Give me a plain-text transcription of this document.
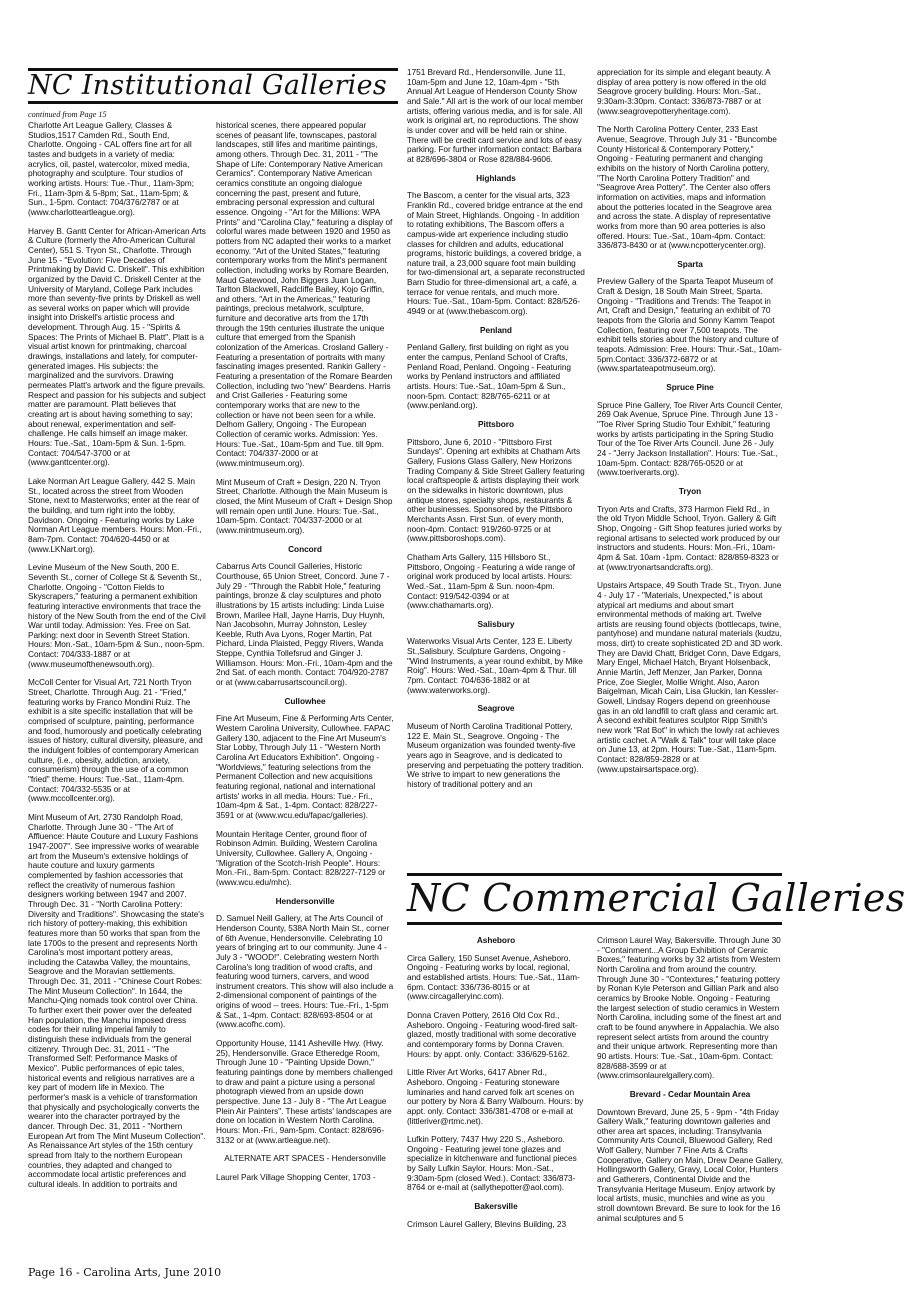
NC Institutional Galleries
continued from Page 15

Charlotte Art League Gallery, Classes & Studios,1517 Camden Rd., South End, Charlotte. Ongoing - CAL offers fine art for all tastes and budgets in a variety of media: acrylics, oil, pastel, watercolor, mixed media, photography and sculpture. Tour studios of working artists. Hours: Tue.-Thur., 11am-3pm; Fri., 11am-3pm & 5-8pm; Sat., 11am-5pm; & Sun., 1-5pm. Contact: 704/376/2787 or at (www.charlotteartleague.org).

Harvey B. Gantt Center for African-American Arts & Culture (formerly the Afro-American Cultural Center), 551 S. Tryon St., Charlotte. Through June 15 - "Evolution: Five Decades of Printmaking by David C. Driskell". This exhibition organized by the David C. Driskell Center at the University of Maryland, College Park includes more than seventy-five prints by Driskell as well as several works on paper which will provide insight into Driskell's artistic process and development. Through Aug. 15 - "Spirits & Spaces: The Prints of Michael B. Platt". Platt is a visual artist known for printmaking, charcoal drawings, installations and lately, for computer-generated images. His subjects: the marginalized and the survivors. Drawing permeates Platt's artwork and the figure prevails. Respect and passion for his subjects and subject matter are paramount. Platt believes that creating art is about having something to say; about renewal, experimentation and self-challenge. He calls himself an image maker. Hours: Tue.-Sat., 10am-5pm & Sun. 1-5pm. Contact: 704/547-3700 or at (www.ganttcenter.org).

Lake Norman Art League Gallery, 442 S. Main St., located across the street from Wooden Stone, next to Masterworks; enter at the rear of the building, and turn right into the lobby, Davidson. Ongoing - Featuring works by Lake Norman Art League members. Hours: Mon.-Fri., 8am-7pm. Contact: 704/620-4450 or at (www.LKNart.org).

Levine Museum of the New South, 200 E. Seventh St., corner of College St & Seventh St., Charlotte. Ongoing - "Cotton Fields to Skyscrapers," featuring a permanent exhibition featuring interactive environments that trace the history of the New South from the end of the Civil War until today. Admission: Yes. Free on Sat. Parking: next door in Seventh Street Station. Hours: Mon.-Sat., 10am-5pm & Sun., noon-5pm. Contact: 704/333-1887 or at (www.museumofthenewsouth.org).

McColl Center for Visual Art, 721 North Tryon Street, Charlotte. Through Aug. 21 - "Fried," featuring works by Franco Mondini Ruiz. The exhibit is a site specific installation that will be comprised of sculpture, painting, performance and food, humorously and poetically celebrating issues of history, cultural diversity, pleasure, and the indulgent foibles of contemporary American culture, (i.e., obesity, addiction, anxiety, consumerism) through the use of a common "fried" theme. Hours: Tue.-Sat., 11am-4pm. Contact: 704/332-5535 or at (www.mccollcenter.org).

Mint Museum of Art, 2730 Randolph Road, Charlotte. Through June 30 - "The Art of Affluence: Haute Couture and Luxury Fashions 1947-2007". See impressive works of wearable art from the Museum's extensive holdings of haute couture and luxury garments complemented by fashion accessories that reflect the creativity of numerous fashion designers working between 1947 and 2007. Through Dec. 31 - "North Carolina Pottery: Diversity and Traditions". Showcasing the state's rich history of pottery-making, this exhibition features more than 50 works that span from the late 1700s to the present and represents North Carolina's most important pottery areas, including the Catawba Valley, the mountains, Seagrove and the Moravian settlements. Through Dec. 31, 2011 - "Chinese Court Robes: The Mint Museum Collection". In 1644, the Manchu-Qing nomads took control over China. To further exert their power over the defeated Han population, the Manchu imposed dress codes for their ruling imperial family to distinguish these individuals from the general citizenry. Through Dec. 31, 2011 - "The Transformed Self: Performance Masks of Mexico". Public performances of epic tales, historical events and religious narratives are a key part of modern life in Mexico. The performer's mask is a vehicle of transformation that physically and psychologically converts the wearer into the character portrayed by the dancer. Through Dec. 31, 2011 - "Northern European Art from The Mint Museum Collection". As Renaissance Art styles of the 15th century spread from Italy to the northern European countries, they adapted and changed to accommodate local artistic preferences and cultural ideals. In addition to portraits and

historical scenes, there appeared popular scenes of peasant life, townscapes, pastoral landscapes, still lifes and maritime paintings, among others. Through Dec. 31, 2011 - "The Shape of Life: Contemporary Native American Ceramics". Contemporary Native American ceramics constitute an ongoing dialogue concerning the past, present and future, embracing personal expression and cultural essence. Ongoing - "Art for the Millions: WPA Prints" and "Carolina Clay," featuring a display of colorful wares made between 1920 and 1950 as potters from NC adapted their works to a market economy. "Art of the United States," featuring contemporary works from the Mint's permanent collection, including works by Romare Bearden, Maud Gatewood, John Biggers Juan Logan, Tarlton Blackwell, Radcliffe Bailey, Kojo Griffin, and others. "Art in the Americas," featuring paintings, precious metalwork, sculpture, furniture and decorative arts from the 17th through the 19th centuries illustrate the unique culture that emerged from the Spanish colonization of the Americas. Crosland Gallery - Featuring a presentation of portraits with many fascinating images presented. Rankin Gallery - Featuring a presentation of the Romare Bearden Collection, including two "new" Beardens. Harris and Crist Galleries - Featuring some contemporary works that are new to the collection or have not been seen for a while. Delhom Gallery, Ongoing - The European Collection of ceramic works. Admission: Yes. Hours: Tue.-Sat., 10am-5pm and Tue. till 9pm. Contact: 704/337-2000 or at (www.mintmuseum.org).

Mint Museum of Craft + Design, 220 N. Tryon Street, Charlotte. Although the Main Museum is closed, the Mint Museum of Craft + Design Shop will remain open until June. Hours: Tue.-Sat., 10am-5pm. Contact: 704/337-2000 or at (www.mintmuseum.org).

Concord

Cabarrus Arts Council Galleries, Historic Courthouse, 65 Union Street, Concord. June 7 - July 29 - "Through the Rabbit Hole," featuring paintings, bronze & clay sculptures and photo illustrations by 15 artists including: Linda Luise Brown, Marilee Hall, Jayne Harris, Duy Huynh, Nan Jacobsohn, Murray Johnston, Lesley Keeble, Ruth Ava Lyons, Roger Martin, Pat Pichard, Linda Plaisted, Peggy Rivers, Wanda Steppe, Cynthia Tollefsrud and Ginger J. Williamson. Hours: Mon.-Fri., 10am-4pm and the 2nd Sat. of each month. Contact: 704/920-2787 or at (www.cabarrusartscouncil.org).

Cullowhee

Fine Art Museum, Fine & Performing Arts Center, Western Carolina University, Cullowhee. FAPAC Gallery 130, adjacent to the Fine Art Museum's Star Lobby, Through July 11 - "Western North Carolina Art Educators Exhibition". Ongoing - "Worldviews," featuring selections from the Permanent Collection and new acquisitions featuring regional, national and international artists' works in all media. Hours: Tue.- Fri., 10am-4pm & Sat., 1-4pm. Contact: 828/227-3591 or at (www.wcu.edu/fapac/galleries).

Mountain Heritage Center, ground floor of Robinson Admin. Building, Western Carolina University, Cullowhee. Gallery A, Ongoing - "Migration of the Scotch-Irish People". Hours: Mon.-Fri., 8am-5pm. Contact: 828/227-7129 or (www.wcu.edu/mhc).

Hendersonville

D. Samuel Neill Gallery, at The Arts Council of Henderson County, 538A North Main St., corner of 6th Avenue, Hendersonville. Celebrating 10 years of bringing art to our community. June 4 - July 3 - "WOOD!". Celebrating western North Carolina's long tradition of wood crafts, and featuring wood turners, carvers, and wood instrument creators. This show will also include a 2-dimensional component of paintings of the origins of wood -- trees. Hours: Tue.-Fri., 1-5pm & Sat., 1-4pm. Contact: 828/693-8504 or at (www.acofhc.com).

Opportunity House, 1141 Asheville Hwy. (Hwy. 25), Hendersonville. Grace Etheredge Room, Through June 10 - "Painting Upside Down," featuring paintings done by members challenged to draw and paint a picture using a personal photograph viewed from an upside down perspective. June 13 - July 8 - "The Art League Plein Air Painters". These artists' landscapes are done on location in Western North Carolina. Hours: Mon.-Fri., 9am-5pm. Contact: 828/696-3132 or at (www.artleague.net).

ALTERNATE ART SPACES - Hendersonville

Laurel Park Village Shopping Center, 1703 -

1751 Brevard Rd., Hendersonville. June 11, 10am-5pm and June 12, 10am-4pm - "5th Annual Art League of Henderson County Show and Sale." All art is the work of our local member artists, offering various media, and is for sale. All work is original art, no reproductions. The show is under cover and will be held rain or shine. There will be credit card service and lots of easy parking. For further information contact: Barbara at 828/696-3804 or Rose 828/884-9606.

Highlands

The Bascom, a center for the visual arts, 323 Franklin Rd., covered bridge entrance at the end of Main Street, Highlands. Ongoing - In addition to rotating exhibitions, The Bascom offers a campus-wide art experience including studio classes for children and adults, educational programs, historic buildings, a covered bridge, a nature trail, a 23,000 square foot main building for two-dimensional art, a separate reconstructed Barn Studio for three-dimensional art, a café, a terrace for venue rentals, and much more. Hours: Tue.-Sat., 10am-5pm. Contact: 828/526-4949 or at (www.thebascom.org).

Penland

Penland Gallery, first building on right as you enter the campus, Penland School of Crafts, Penland Road, Penland. Ongoing - Featuring works by Penland instructors and affiliated artists. Hours: Tue.-Sat., 10am-5pm & Sun., noon-5pm. Contact: 828/765-6211 or at (www.penland.org).

Pittsboro

Pittsboro, June 6, 2010 - "Pittsboro First Sundays". Opening art exhibits at Chatham Arts Gallery, Fusions Glass Gallery, New Horizons Trading Company & Side Street Gallery featuring local craftspeople & artists displaying their work on the sidewalks in historic downtown, plus antique stores, specialty shops, restaurants & other businesses. Sponsored by the Pittsboro Merchants Assn. First Sun. of every month, noon-4pm. Contact: 919/260-9725 or at (www.pittsboroshops.com).

Chatham Arts Gallery, 115 Hillsboro St., Pittsboro, Ongoing - Featuring a wide range of original work produced by local artists. Hours: Wed.-Sat., 11am-5pm & Sun. noon-4pm. Contact: 919/542-0394 or at (www.chathamarts.org).

Salisbury

Waterworks Visual Arts Center, 123 E. Liberty St.,Salisbury. Sculpture Gardens, Ongoing - "Wind Instruments, a year round exhibit, by Mike Roig". Hours: Wed.-Sat., 10am-4pm & Thur. till 7pm. Contact: 704/636-1882 or at (www.waterworks.org).

Seagrove

Museum of North Carolina Traditional Pottery, 122 E. Main St., Seagrove. Ongoing - The Museum organization was founded twenty-five years ago in Seagrove, and is dedicated to preserving and perpetuating the pottery tradition. We strive to impart to new generations the history of traditional pottery and an

appreciation for its simple and elegant beauty. A display of area pottery is now offered in the old Seagrove grocery building. Hours: Mon.-Sat., 9:30am-3:30pm. Contact: 336/873-7887 or at (www.seagrovepotteryheritage.com).

The North Carolina Pottery Center, 233 East Avenue, Seagrove. Through July 31 - "Buncombe County Historical & Contemporary Pottery," Ongoing - Featuring permanent and changing exhibits on the history of North Carolina pottery, "The North Carolina Pottery Tradition" and "Seagrove Area Pottery". The Center also offers information on activities, maps and information about the potteries located in the Seagrove area and across the state. A display of representative works from more than 90 area potteries is also offered. Hours: Tue.-Sat., 10am-4pm. Contact: 336/873-8430 or at (www.ncpotterycenter.org).

Sparta

Preview Gallery of the Sparta Teapot Museum of Craft & Design, 18 South Main Street, Sparta. Ongoing - "Traditions and Trends: The Teapot in Art, Craft and Design," featuring an exhibit of 70 teapots from the Gloria and Sonny Kamm Teapot Collection, featuring over 7,500 teapots. The exhibit tells stories about the history and culture of teapots. Admission: Free. Hours: Thur.-Sat., 10am-5pm.Contact: 336/372-6872 or at (www.spartateapotmuseum.org).

Spruce Pine

Spruce Pine Gallery, Toe River Arts Council Center, 269 Oak Avenue, Spruce Pine. Through June 13 - "Toe River Spring Studio Tour Exhibit," featuring works by artists participating in the Spring Studio Tour of the Toe River Arts Council. June 26 - July 24 - "Jerry Jackson Installation". Hours: Tue.-Sat., 10am-5pm. Contact: 828/765-0520 or at (www.toeriverarts.org).

Tryon

Tryon Arts and Crafts, 373 Harmon Field Rd., in the old Tryon Middle School, Tryon. Gallery & Gift Shop, Ongoing - Gift Shop features juried works by regional artisans to selected work produced by our instructors and students. Hours: Mon.-Fri., 10am-4pm & Sat. 10am -1pm. Contact: 828/859-8323 or at (www.tryonartsandcrafts.org).

Upstairs Artspace, 49 South Trade St., Tryon. June 4 - July 17 - "Materials, Unexpected," is about atypical art mediums and about smart environmental methods of making art. Twelve artists are reusing found objects (bottlecaps, twine, pantyhose) and mundane natural materials (kudzu, moss, dirt) to create sophisticated 2D and 3D work. They are David Chatt, Bridget Conn, Dave Edgars, Mary Engel, Michael Hatch, Bryant Holsenback, Annie Martin, Jeff Menzer, Jan Parker, Donna Price, Zoe Siegler, Mollie Wright. Also, Aaron Baigelman, Micah Cain, Lisa Gluckin, Ian Kessler-Gowell, Lindsay Rogers depend on greenhouse gas in an old landfill to craft glass and ceramic art. A second exhibit features sculptor Ripp Smith's new work "Rat Bot" in which the lowly rat achieves artistic cachet. A "Walk & Talk" tour will take place on June 13, at 2pm. Hours: Tue.-Sat., 11am-5pm. Contact: 828/859-2828 or at (www.upstairsartspace.org).

NC Commercial Galleries

Asheboro

Circa Gallery, 150 Sunset Avenue, Asheboro. Ongoing - Featuring works by local, regional, and established artists. Hours: Tue.-Sat., 11am-6pm. Contact: 336/736-8015 or at (www.circagalleryinc.com).

Donna Craven Pottery, 2616 Old Cox Rd., Asheboro. Ongoing - Featuring wood-fired salt-glazed, mostly traditional with some decorative and contemporary forms by Donna Craven. Hours: by appt. only. Contact: 336/629-5162.

Little River Art Works, 6417 Abner Rd., Asheboro. Ongoing - Featuring stoneware luminaries and hand carved folk art scenes on our pottery by Nora & Barry Walbourn. Hours: by appt. only. Contact: 336/381-4708 or e-mail at (littleriver@rtmc.net).

Lufkin Pottery, 7437 Hwy 220 S., Asheboro. Ongoing - Featuring jewel tone glazes and specialize in kitchenware and functional pieces by Sally Lufkin Saylor. Hours: Mon.-Sat., 9:30am-5pm (closed Wed.). Contact: 336/873-8764 or e-mail at (sallythepotter@aol.com).

Bakersville

Crimson Laurel Gallery, Blevins Building, 23

Crimson Laurel Way, Bakersville. Through June 30 - "Containment...A Group Exhibition of Ceramic Boxes," featuring works by 32 artists from Western North Carolina and from around the country. Through June 30 - "Contextures," featuring pottery by Ronan Kyle Peterson and Gillian Park and also ceramics by Brooke Noble. Ongoing - Featuring the largest selection of studio ceramics in Western North Carolina, including some of the finest art and craft to be found anywhere in Appalachia. We also represent select artists from around the country and their unique artwork. Representing more than 90 artists. Hours: Tue.-Sat., 10am-6pm. Contact: 828/688-3599 or at (www.crimsonlaurelgallery.com).

Brevard - Cedar Mountain Area

Downtown Brevard, June 25, 5 - 9pm - "4th Friday Gallery Walk," featuring downtown galleries and other area art spaces, including: Transylvania Community Arts Council, Bluewood Gallery, Red Wolf Gallery, Number 7 Fine Arts & Crafts Cooperative, Gallery on Main, Drew Deane Gallery, Hollingsworth Gallery, Gravy, Local Color, Hunters and Gatherers, Continental Divide and the Transylvania Heritage Museum. Enjoy artwork by local artists, music, munchies and wine as you stroll downtown Brevard. Be sure to look for the 16 animal sculptures and 5

Page 16 - Carolina Arts, June 2010
